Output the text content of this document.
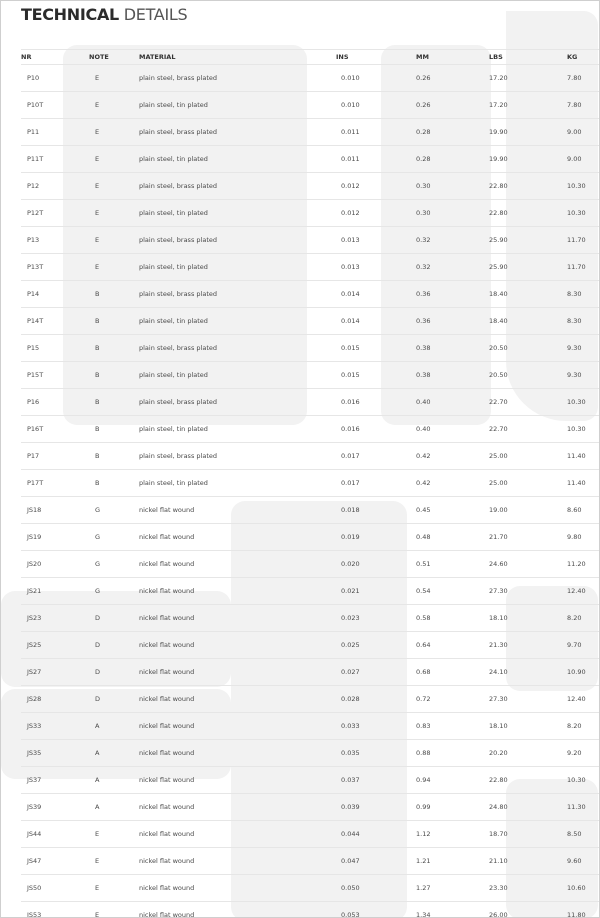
TECHNICAL DETAILS
NR	NOTE	MATERIAL	INS	MM	LBS	KG
P10	E	plain steel, brass plated	0.010	0.26	17.20	7.80
P10T	E	plain steel, tin plated	0.010	0.26	17.20	7.80
P11	E	plain steel, brass plated	0.011	0.28	19.90	9.00
P11T	E	plain steel, tin plated	0.011	0.28	19.90	9.00
P12	E	plain steel, brass plated	0.012	0.30	22.80	10.30
P12T	E	plain steel, tin plated	0.012	0.30	22.80	10.30
P13	E	plain steel, brass plated	0.013	0.32	25.90	11.70
P13T	E	plain steel, tin plated	0.013	0.32	25.90	11.70
P14	B	plain steel, brass plated	0.014	0.36	18.40	8.30
P14T	B	plain steel, tin plated	0.014	0.36	18.40	8.30
P15	B	plain steel, brass plated	0.015	0.38	20.50	9.30
P15T	B	plain steel, tin plated	0.015	0.38	20.50	9.30
P16	B	plain steel, brass plated	0.016	0.40	22.70	10.30
P16T	B	plain steel, tin plated	0.016	0.40	22.70	10.30
P17	B	plain steel, brass plated	0.017	0.42	25.00	11.40
P17T	B	plain steel, tin plated	0.017	0.42	25.00	11.40
JS18	G	nickel flat wound	0.018	0.45	19.00	8.60
JS19	G	nickel flat wound	0.019	0.48	21.70	9.80
JS20	G	nickel flat wound	0.020	0.51	24.60	11.20
JS21	G	nickel flat wound	0.021	0.54	27.30	12.40
JS23	D	nickel flat wound	0.023	0.58	18.10	8.20
JS25	D	nickel flat wound	0.025	0.64	21.30	9.70
JS27	D	nickel flat wound	0.027	0.68	24.10	10.90
JS28	D	nickel flat wound	0.028	0.72	27.30	12.40
JS33	A	nickel flat wound	0.033	0.83	18.10	8.20
JS35	A	nickel flat wound	0.035	0.88	20.20	9.20
JS37	A	nickel flat wound	0.037	0.94	22.80	10.30
JS39	A	nickel flat wound	0.039	0.99	24.80	11.30
JS44	E	nickel flat wound	0.044	1.12	18.70	8.50
JS47	E	nickel flat wound	0.047	1.21	21.10	9.60
JS50	E	nickel flat wound	0.050	1.27	23.30	10.60
JS53	E	nickel flat wound	0.053	1.34	26.00	11.80
